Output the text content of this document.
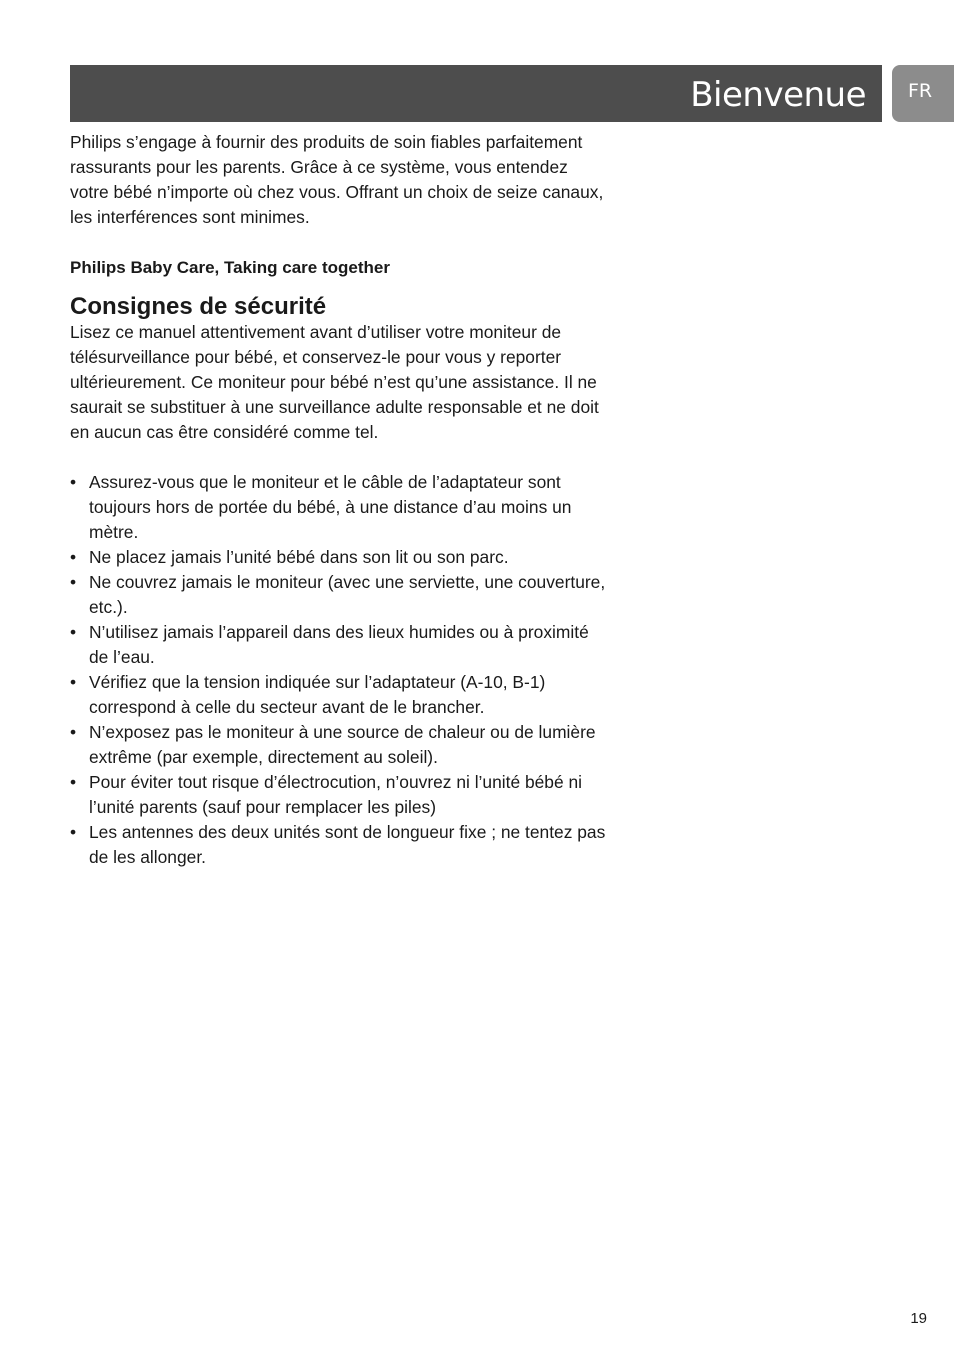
Bienvenue FR

Philips s’engage à fournir des produits de soin fiables parfaitement rassurants pour les parents. Grâce à ce système, vous entendez votre bébé n’importe où chez vous. Offrant un choix de seize canaux, les interférences sont minimes.

Philips Baby Care, Taking care together

Consignes de sécurité

Lisez ce manuel attentivement avant d’utiliser votre moniteur de télésurveillance pour bébé, et conservez-le pour vous y reporter ultérieurement. Ce moniteur pour bébé n’est qu’une assistance. Il ne saurait se substituer à une surveillance adulte responsable et ne doit en aucun cas être considéré comme tel.

• Assurez-vous que le moniteur et le câble de l’adaptateur sont toujours hors de portée du bébé, à une distance d’au moins un mètre.
• Ne placez jamais l’unité bébé dans son lit ou son parc.
• Ne couvrez jamais le moniteur (avec une serviette, une couverture, etc.).
• N’utilisez jamais l’appareil dans des lieux humides ou à proximité de l’eau.
• Vérifiez que la tension indiquée sur l’adaptateur (A-10, B-1) correspond à celle du secteur avant de le brancher.
• N’exposez pas le moniteur à une source de chaleur ou de lumière extrême (par exemple, directement au soleil).
• Pour éviter tout risque d’électrocution, n’ouvrez ni l’unité bébé ni l’unité parents (sauf pour remplacer les piles)
• Les antennes des deux unités sont de longueur fixe ; ne tentez pas de les allonger.
19
